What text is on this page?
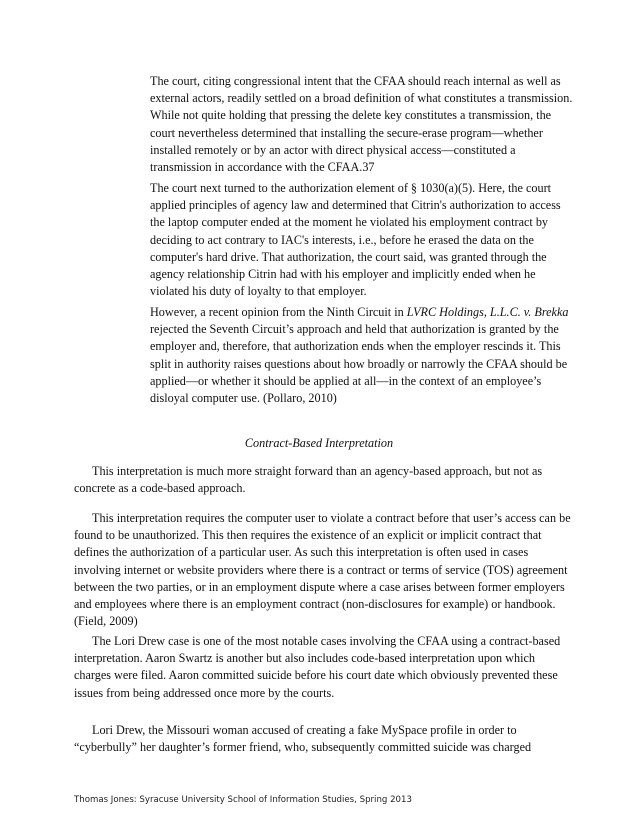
The court, citing congressional intent that the CFAA should reach internal as well as external actors, readily settled on a broad definition of what constitutes a transmission. While not quite holding that pressing the delete key constitutes a transmission, the court nevertheless determined that installing the secure-erase program—whether installed remotely or by an actor with direct physical access—constituted a transmission in accordance with the CFAA.37

The court next turned to the authorization element of § 1030(a)(5). Here, the court applied principles of agency law and determined that Citrin's authorization to access the laptop computer ended at the moment he violated his employment contract by deciding to act contrary to IAC's interests, i.e., before he erased the data on the computer's hard drive. That authorization, the court said, was granted through the agency relationship Citrin had with his employer and implicitly ended when he violated his duty of loyalty to that employer.

However, a recent opinion from the Ninth Circuit in LVRC Holdings, L.L.C. v. Brekka rejected the Seventh Circuit’s approach and held that authorization is granted by the employer and, therefore, that authorization ends when the employer rescinds it. This split in authority raises questions about how broadly or narrowly the CFAA should be applied—or whether it should be applied at all—in the context of an employee’s disloyal computer use. (Pollaro, 2010)

Contract-Based Interpretation

This interpretation is much more straight forward than an agency-based approach, but not as concrete as a code-based approach.

This interpretation requires the computer user to violate a contract before that user’s access can be found to be unauthorized. This then requires the existence of an explicit or implicit contract that defines the authorization of a particular user. As such this interpretation is often used in cases involving internet or website providers where there is a contract or terms of service (TOS) agreement between the two parties, or in an employment dispute where a case arises between former employers and employees where there is an employment contract (non-disclosures for example) or handbook. (Field, 2009)

The Lori Drew case is one of the most notable cases involving the CFAA using a contract-based interpretation. Aaron Swartz is another but also includes code-based interpretation upon which charges were filed. Aaron committed suicide before his court date which obviously prevented these issues from being addressed once more by the courts.

Lori Drew, the Missouri woman accused of creating a fake MySpace profile in order to “cyberbully” her daughter’s former friend, who, subsequently committed suicide was charged

Thomas Jones: Syracuse University School of Information Studies, Spring 2013
